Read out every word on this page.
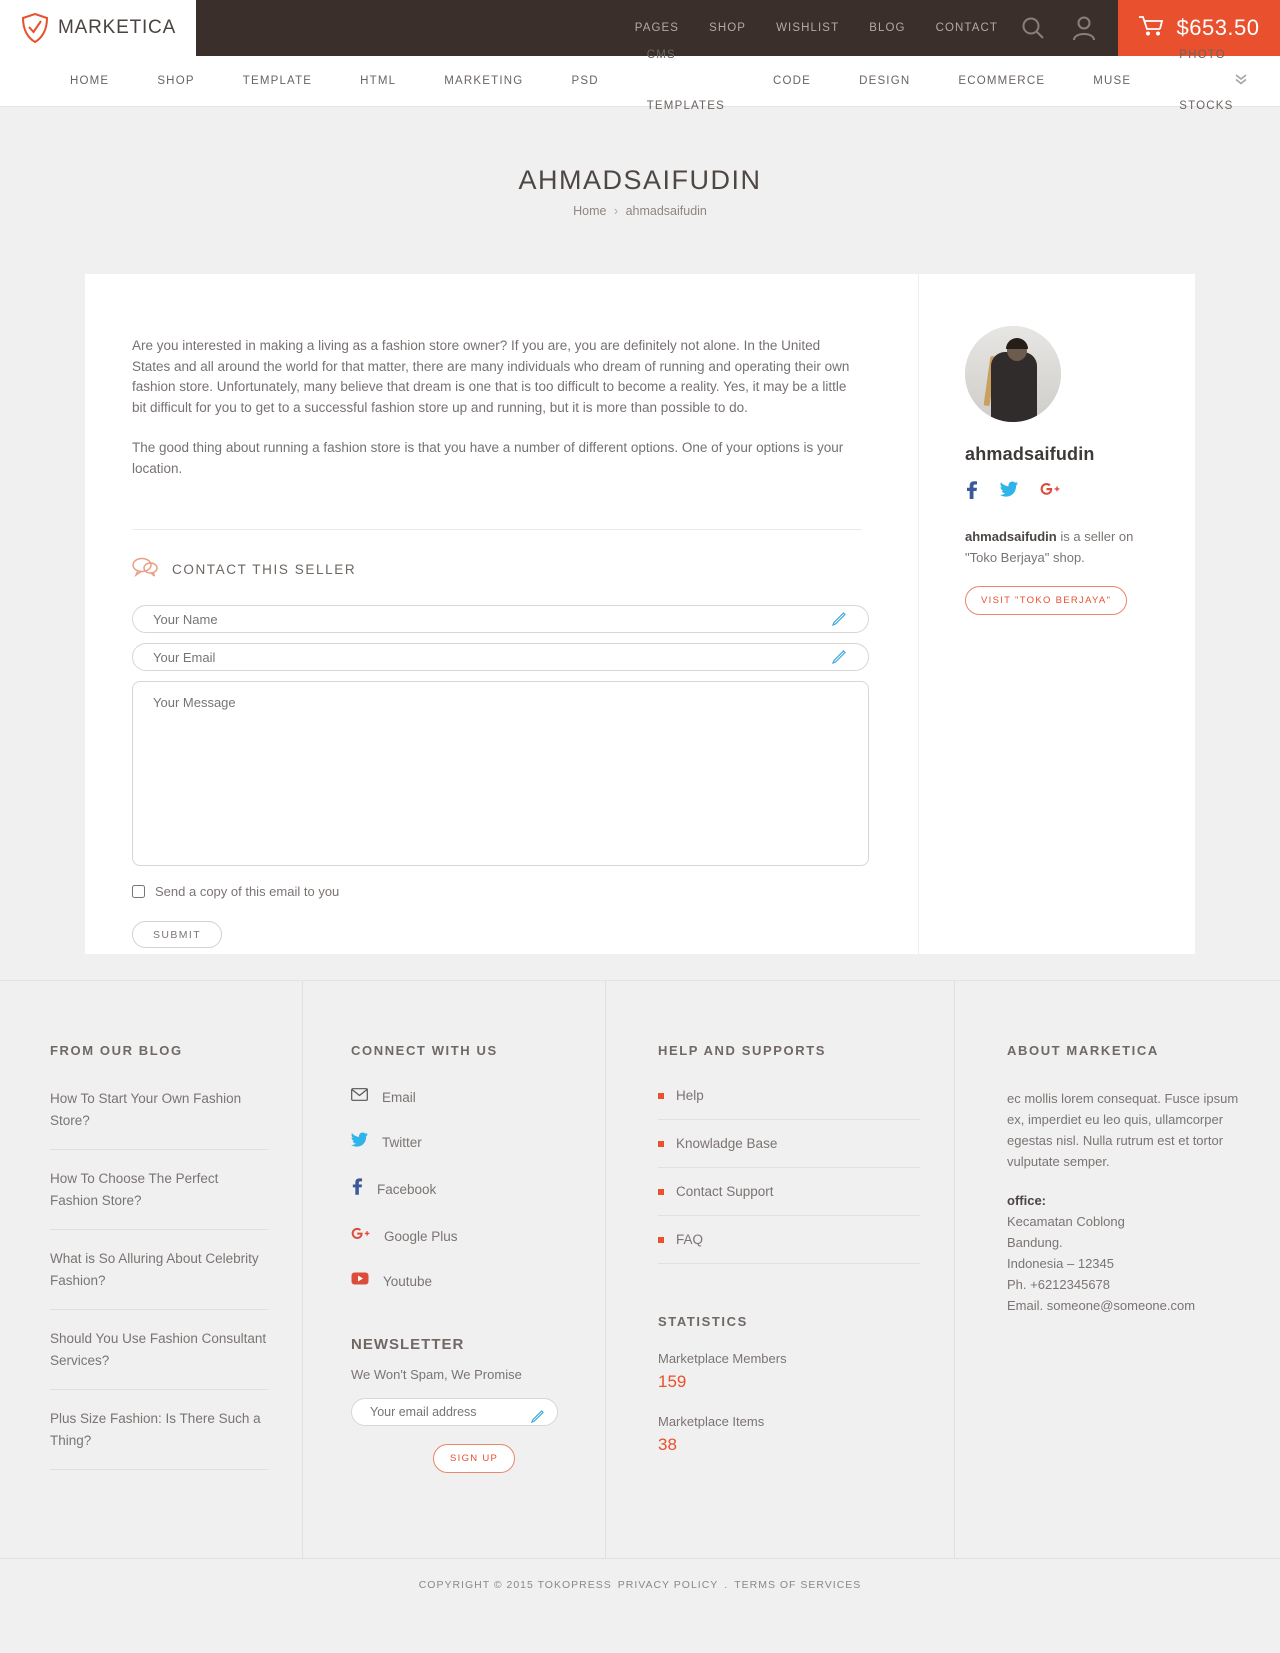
MARKETICA	PAGES	SHOP	WISHLIST	BLOG	CONTACT	$653.50
HOME	SHOP	TEMPLATE	HTML	MARKETING	PSD
CMS TEMPLATES
CODE	DESIGN	ECOMMERCE	MUSE
PHOTO STOCKS
AHMADSAIFUDIN
Home › ahmadsaifudin

Are you interested in making a living as a fashion store owner? If you are, you are definitely not alone. In the United States and all around the world for that matter, there are many individuals who dream of running and operating their own fashion store. Unfortunately, many believe that dream is one that is too difficult to become a reality. Yes, it may be a little bit difficult for you to get to a successful fashion store up and running, but it is more than possible to do.

The good thing about running a fashion store is that you have a number of different options. One of your options is your location.

CONTACT THIS SELLER
Your Name
Your Email
Your Message
Send a copy of this email to you
SUBMIT
ahmadsaifudin

ahmadsaifudin is a seller on "Toko Berjaya" shop.

VISIT "TOKO BERJAYA"
FROM OUR BLOG
How To Start Your Own Fashion Store?
How To Choose The Perfect Fashion Store?
What is So Alluring About Celebrity Fashion?
Should You Use Fashion Consultant Services?
Plus Size Fashion: Is There Such a Thing?
CONNECT WITH US
Email
Twitter
Facebook
Google Plus
Youtube
NEWSLETTER

We Won't Spam, We Promise

Your email address
SIGN UP
HELP AND SUPPORTS
Help
Knowladge Base
Contact Support
FAQ
STATISTICS
Marketplace Members
159
Marketplace Items
38
ABOUT MARKETICA

ec mollis lorem consequat. Fusce ipsum ex, imperdiet eu leo quis, ullamcorper egestas nisl. Nulla rutrum est et tortor vulputate semper.

office:
Kecamatan Coblong
Bandung.
Indonesia – 12345
Ph. +6212345678
Email. someone@someone.com
COPYRIGHT © 2015 TOKOPRESS PRIVACY POLICY . TERMS OF SERVICES
